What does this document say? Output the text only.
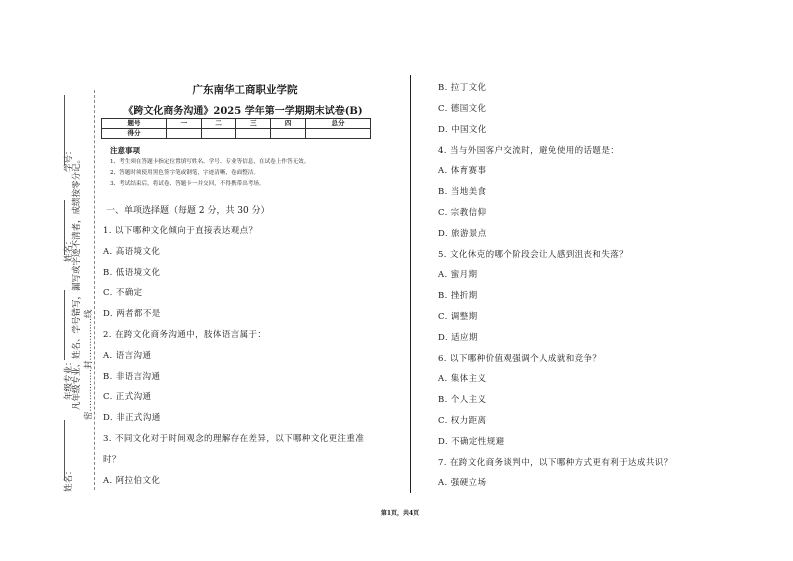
学号：
姓名：
年级专业：
姓名：
凡年级专业、姓名、学号错写，漏写或字迹不清者，成绩按零分记。 密……………封……………线
广东南华工商职业学院
《跨文化商务沟通》2025 学年第一学期期末试卷(B)
题号	一	二	三	四	总分
得分					
注意事项
1、考生须在答题卡指定位置填写姓名、学号、专业等信息，在试卷上作答无效。
2、答题时须使用黑色签字笔或钢笔，字迹清晰，卷面整洁。
3、考试结束后，将试卷、答题卡一并交回，不得携带出考场。
一、单项选择题（每题 2 分，共 30 分）
1. 以下哪种文化倾向于直接表达观点？
A. 高语境文化
B. 低语境文化
C. 不确定
D. 两者都不是
2. 在跨文化商务沟通中，肢体语言属于：
A. 语言沟通
B. 非语言沟通
C. 正式沟通
D. 非正式沟通
3. 不同文化对于时间观念的理解存在差异，以下哪种文化更注重准
时？
A. 阿拉伯文化
B. 拉丁文化
C. 德国文化
D. 中国文化
4. 当与外国客户交流时，避免使用的话题是：
A. 体育赛事
B. 当地美食
C. 宗教信仰
D. 旅游景点
5. 文化休克的哪个阶段会让人感到沮丧和失落？
A. 蜜月期
B. 挫折期
C. 调整期
D. 适应期
6. 以下哪种价值观强调个人成就和竞争？
A. 集体主义
B. 个人主义
C. 权力距离
D. 不确定性规避
7. 在跨文化商务谈判中，以下哪种方式更有利于达成共识？
A. 强硬立场
第1页，共4页
